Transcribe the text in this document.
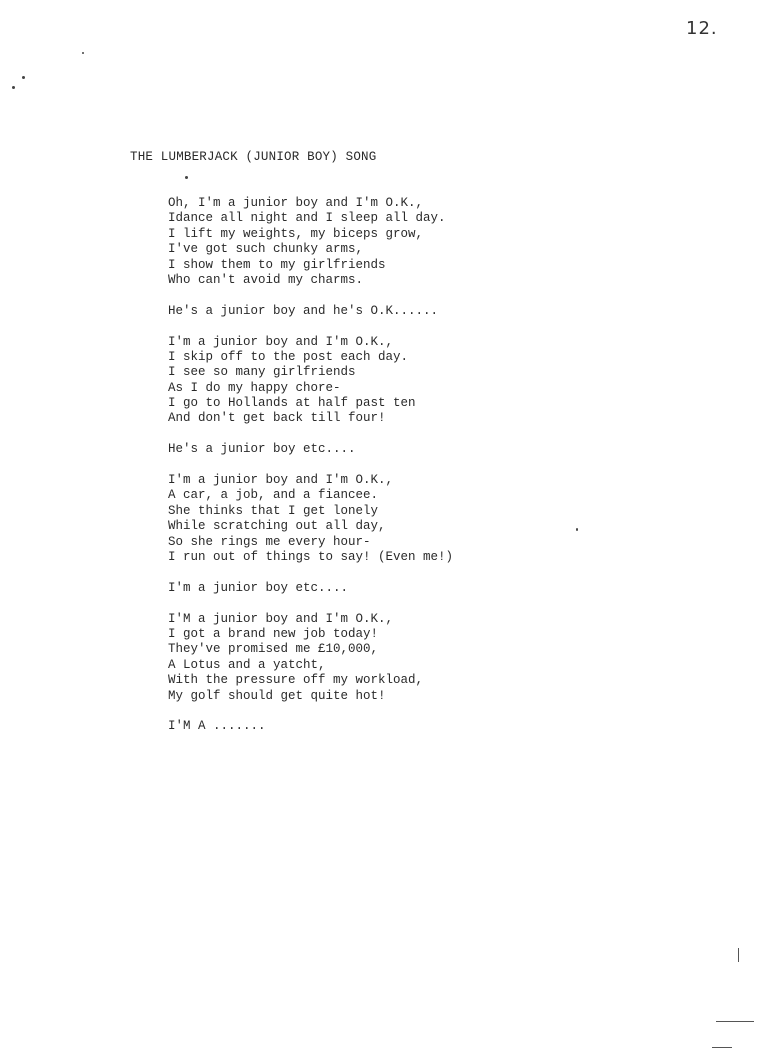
12.
THE LUMBERJACK (JUNIOR BOY) SONG
Oh, I'm a junior boy and I'm O.K.,
Idance all night and I sleep all day.
I lift my weights, my biceps grow,
I've got such chunky arms,
I show them to my girlfriends
Who can't avoid my charms.
He's a junior boy and he's O.K......
I'm a junior boy and I'm O.K.,
I skip off to the post each day.
I see so many girlfriends
As I do my happy chore-
I go to Hollands at half past ten
And don't get back till four!
He's a junior boy etc....
I'm a junior boy and I'm O.K.,
A car, a job, and a fiancee.
She thinks that I get lonely
While scratching out all day,
So she rings me every hour-
I run out of things to say! (Even me!)
I'm a junior boy etc....
I'M a junior boy and I'm O.K.,
I got a brand new job today!
They've promised me £10,000,
A Lotus and a yatcht,
With the pressure off my workload,
My golf should get quite hot!
I'M A .......
